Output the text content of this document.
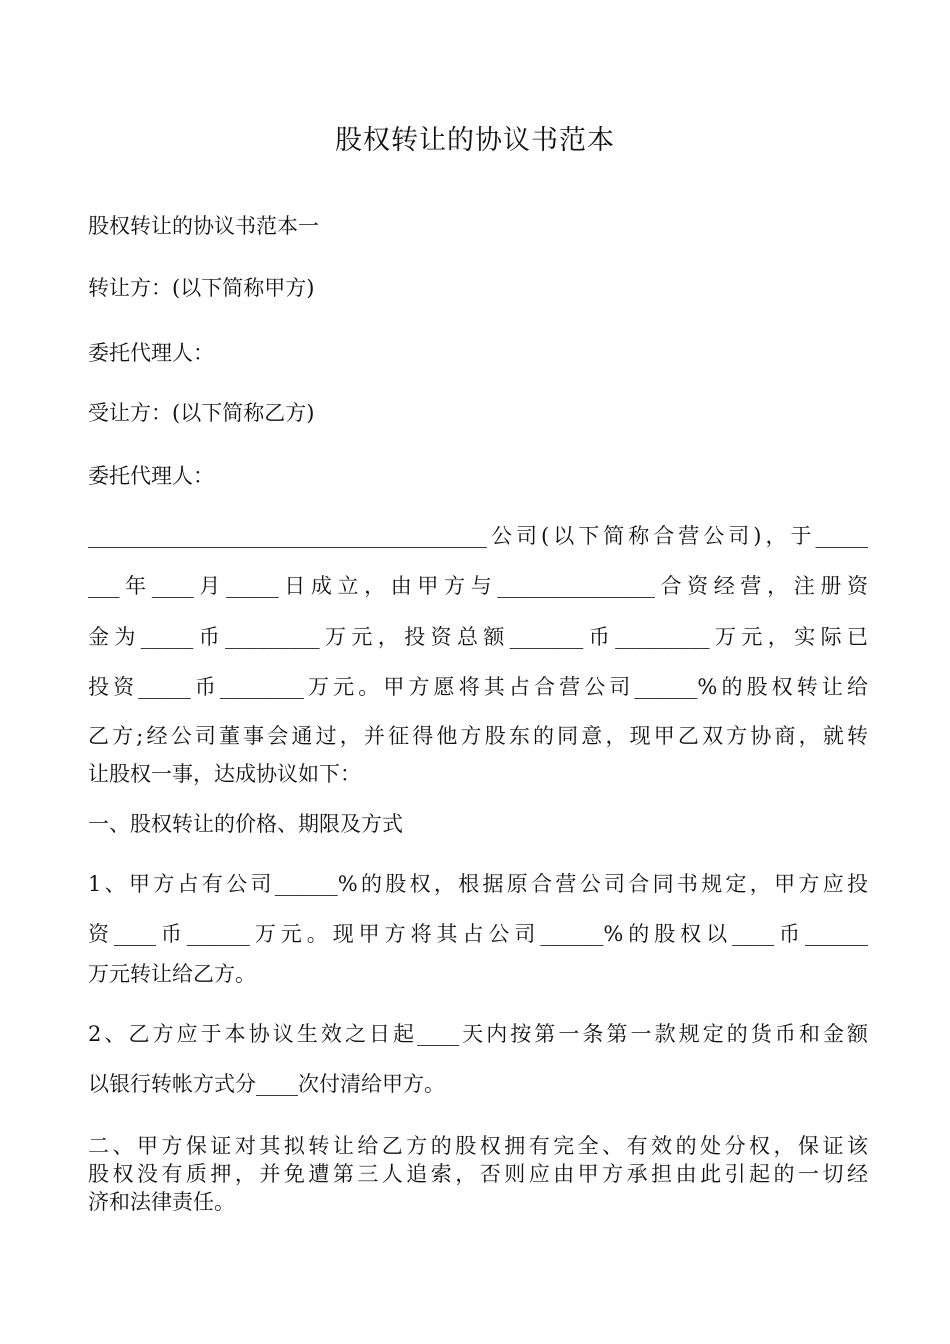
股权转让的协议书范本
股权转让的协议书范本一
转让方：(以下简称甲方)
委托代理人：
受让方：(以下简称乙方)
委托代理人：
______________________________________公司(以下简称合营公司)，于_____
___年____月_____日成立，由甲方与_______________合资经营，注册资
金为_____币_________万元，投资总额_______币_________万元，实际已
投资_____币________万元。甲方愿将其占合营公司______%的股权转让给
乙方;经公司董事会通过，并征得他方股东的同意，现甲乙双方协商，就转
让股权一事，达成协议如下：
一、股权转让的价格、期限及方式
1、甲方占有公司______%的股权，根据原合营公司合同书规定，甲方应投
资____币______万元。现甲方将其占公司______%的股权以____币______
万元转让给乙方。
2、乙方应于本协议生效之日起____天内按第一条第一款规定的货币和金额
以银行转帐方式分____次付清给甲方。
二、甲方保证对其拟转让给乙方的股权拥有完全、有效的处分权，保证该
股权没有质押，并免遭第三人追索，否则应由甲方承担由此引起的一切经
济和法律责任。
